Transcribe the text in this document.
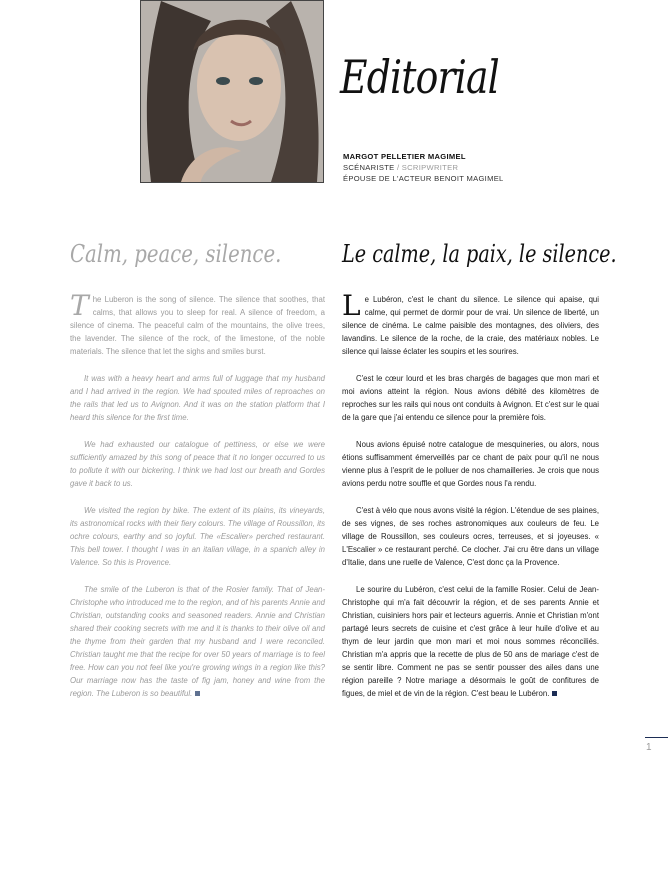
Editorial
MARGOT PELLETIER MAGIMEL
SCÉNARISTE / SCRIPWRITER
ÉPOUSE DE L'ACTEUR BENOIT MAGIMEL
Calm, peace, silence.	Le calme, la paix, le silence.

The Luberon is the song of silence. The silence that soothes, that calms, that allows you to sleep for real. A silence of freedom, a silence of cinema. The peaceful calm of the mountains, the olive trees, the lavender. The silence of the rock, of the limestone, of the noble materials. The silence that let the sighs and smiles burst.

It was with a heavy heart and arms full of luggage that my husband and I had arrived in the region. We had spouted miles of reproaches on the rails that led us to Avignon. And it was on the station platform that I heard this silence for the first time.

We had exhausted our catalogue of pettiness, or else we were sufficiently amazed by this song of peace that it no longer occurred to us to pollute it with our bickering. I think we had lost our breath and Gordes gave it back to us.

We visited the region by bike. The extent of its plains, its vineyards, its astronomical rocks with their fiery colours. The village of Roussillon, its ochre colours, earthy and so joyful. The «Escalier» perched restaurant. This bell tower. I thought I was in an italian village, in a spanich alley in Valence. So this is Provence.

The smile of the Luberon is that of the Rosier family. That of Jean-Christophe who introduced me to the region, and of his parents Annie and Christian, outstanding cooks and seasoned readers. Annie and Christian shared their cooking secrets with me and it is thanks to their olive oil and the thyme from their garden that my husband and I were reconciled. Christian taught me that the recipe for over 50 years of marriage is to feel free. How can you not feel like you're growing wings in a region like this? Our marriage now has the taste of fig jam, honey and wine from the region. The Luberon is so beautiful.

Le Lubéron, c'est le chant du silence. Le silence qui apaise, qui calme, qui permet de dormir pour de vrai. Un silence de liberté, un silence de cinéma. Le calme paisible des montagnes, des oliviers, des lavandins. Le silence de la roche, de la craie, des matériaux nobles. Le silence qui laisse éclater les soupirs et les sourires.

C'est le cœur lourd et les bras chargés de bagages que mon mari et moi avions atteint la région. Nous avions débité des kilomètres de reproches sur les rails qui nous ont conduits à Avignon. Et c'est sur le quai de la gare que j'ai entendu ce silence pour la première fois.

Nous avions épuisé notre catalogue de mesquineries, ou alors, nous étions suffisamment émerveillés par ce chant de paix pour qu'il ne nous vienne plus à l'esprit de le polluer de nos chamailleries. Je crois que nous avions perdu notre souffle et que Gordes nous l'a rendu.

C'est à vélo que nous avons visité la région. L'étendue de ses plaines, de ses vignes, de ses roches astronomiques aux couleurs de feu. Le village de Roussillon, ses couleurs ocres, terreuses, et si joyeuses. « L'Escalier » ce restaurant perché. Ce clocher. J'ai cru être dans un village d'Italie, dans une ruelle de Valence, C'est donc ça la Provence.

Le sourire du Lubéron, c'est celui de la famille Rosier. Celui de Jean-Christophe qui m'a fait découvrir la région, et de ses parents Annie et Christian, cuisiniers hors pair et lecteurs aguerris. Annie et Christian m'ont partagé leurs secrets de cuisine et c'est grâce à leur huile d'olive et au thym de leur jardin que mon mari et moi nous sommes réconciliés. Christian m'a appris que la recette de plus de 50 ans de mariage c'est de se sentir libre. Comment ne pas se sentir pousser des ailes dans une région pareille ? Notre mariage a désormais le goût de confitures de figues, de miel et de vin de la région. C'est beau le Lubéron.

1
